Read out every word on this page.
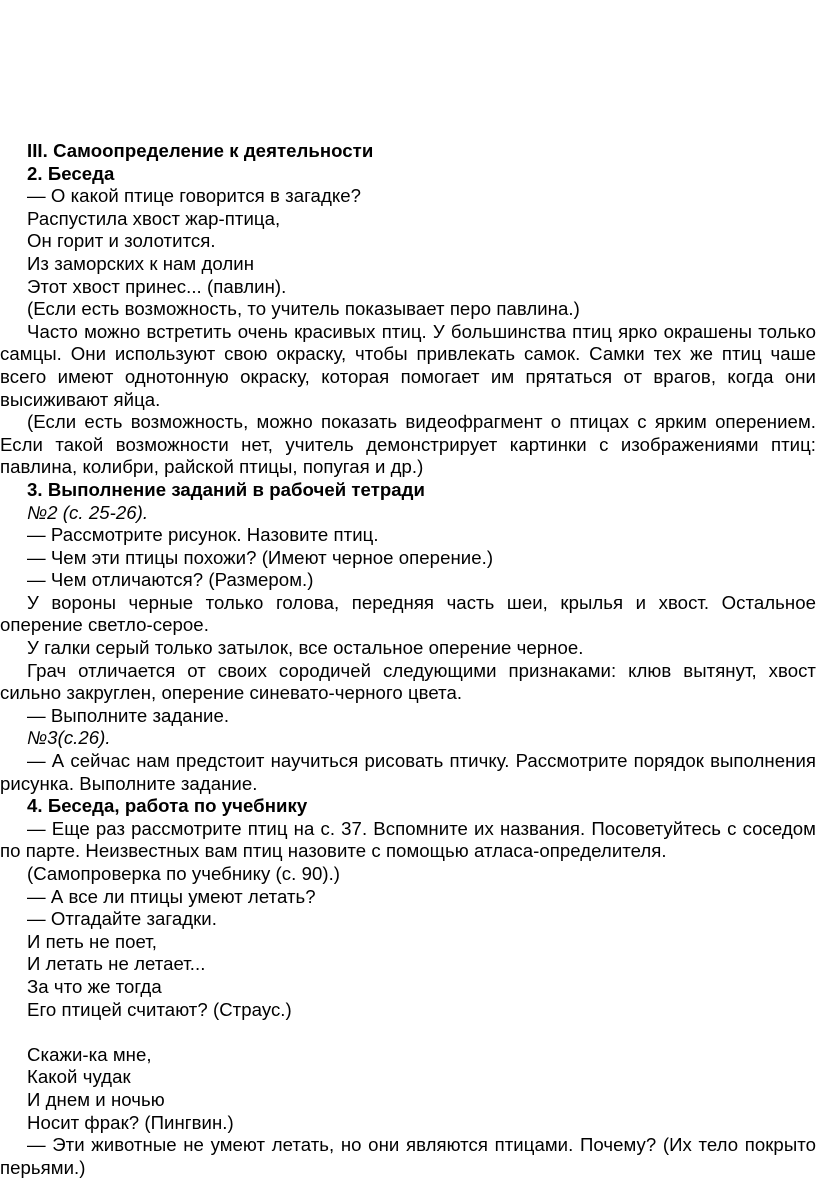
III. Самоопределение к деятельности

2. Беседа

— О какой птице говорится в загадке?

Распустила хвост жар-птица,

Он горит и золотится.

Из заморских к нам долин

Этот хвост принес... (павлин).

(Если есть возможность, то учитель показывает перо павлина.)

Часто можно встретить очень красивых птиц. У большинства птиц ярко окрашены только самцы. Они используют свою окраску, чтобы привлекать самок. Самки тех же птиц чаше всего имеют однотонную окраску, которая помогает им прятаться от врагов, когда они высиживают яйца.

(Если есть возможность, можно показать видеофрагмент о птицах с ярким оперением. Если такой возможности нет, учитель демонстрирует картинки с изображениями птиц: павлина, колибри, райской птицы, попугая и др.)

3. Выполнение заданий в рабочей тетради

№2 (с. 25-26).

— Рассмотрите рисунок. Назовите птиц.

— Чем эти птицы похожи? (Имеют черное оперение.)

— Чем отличаются? (Размером.)

У вороны черные только голова, передняя часть шеи, крылья и хвост. Остальное оперение светло-серое.

У галки серый только затылок, все остальное оперение черное.

Грач отличается от своих сородичей следующими признаками: клюв вытянут, хвост сильно закруглен, оперение синевато-черного цвета.

— Выполните задание.

№3(с.26).

— А сейчас нам предстоит научиться рисовать птичку. Рассмотрите порядок выполнения рисунка. Выполните задание.

4. Беседа, работа по учебнику

— Еще раз рассмотрите птиц на с. 37. Вспомните их названия. Посоветуйтесь с соседом по парте. Неизвестных вам птиц назовите с помощью атласа-определителя.

(Самопроверка по учебнику (с. 90).)

— А все ли птицы умеют летать?

— Отгадайте загадки.

И петь не поет,

И летать не летает...

За что же тогда

Его птицей считают? (Страус.)

Скажи-ка мне,

Какой чудак

И днем и ночью

Носит фрак? (Пингвин.)

— Эти животные не умеют летать, но они являются птицами. Почему? (Их тело покрыто перьями.)
